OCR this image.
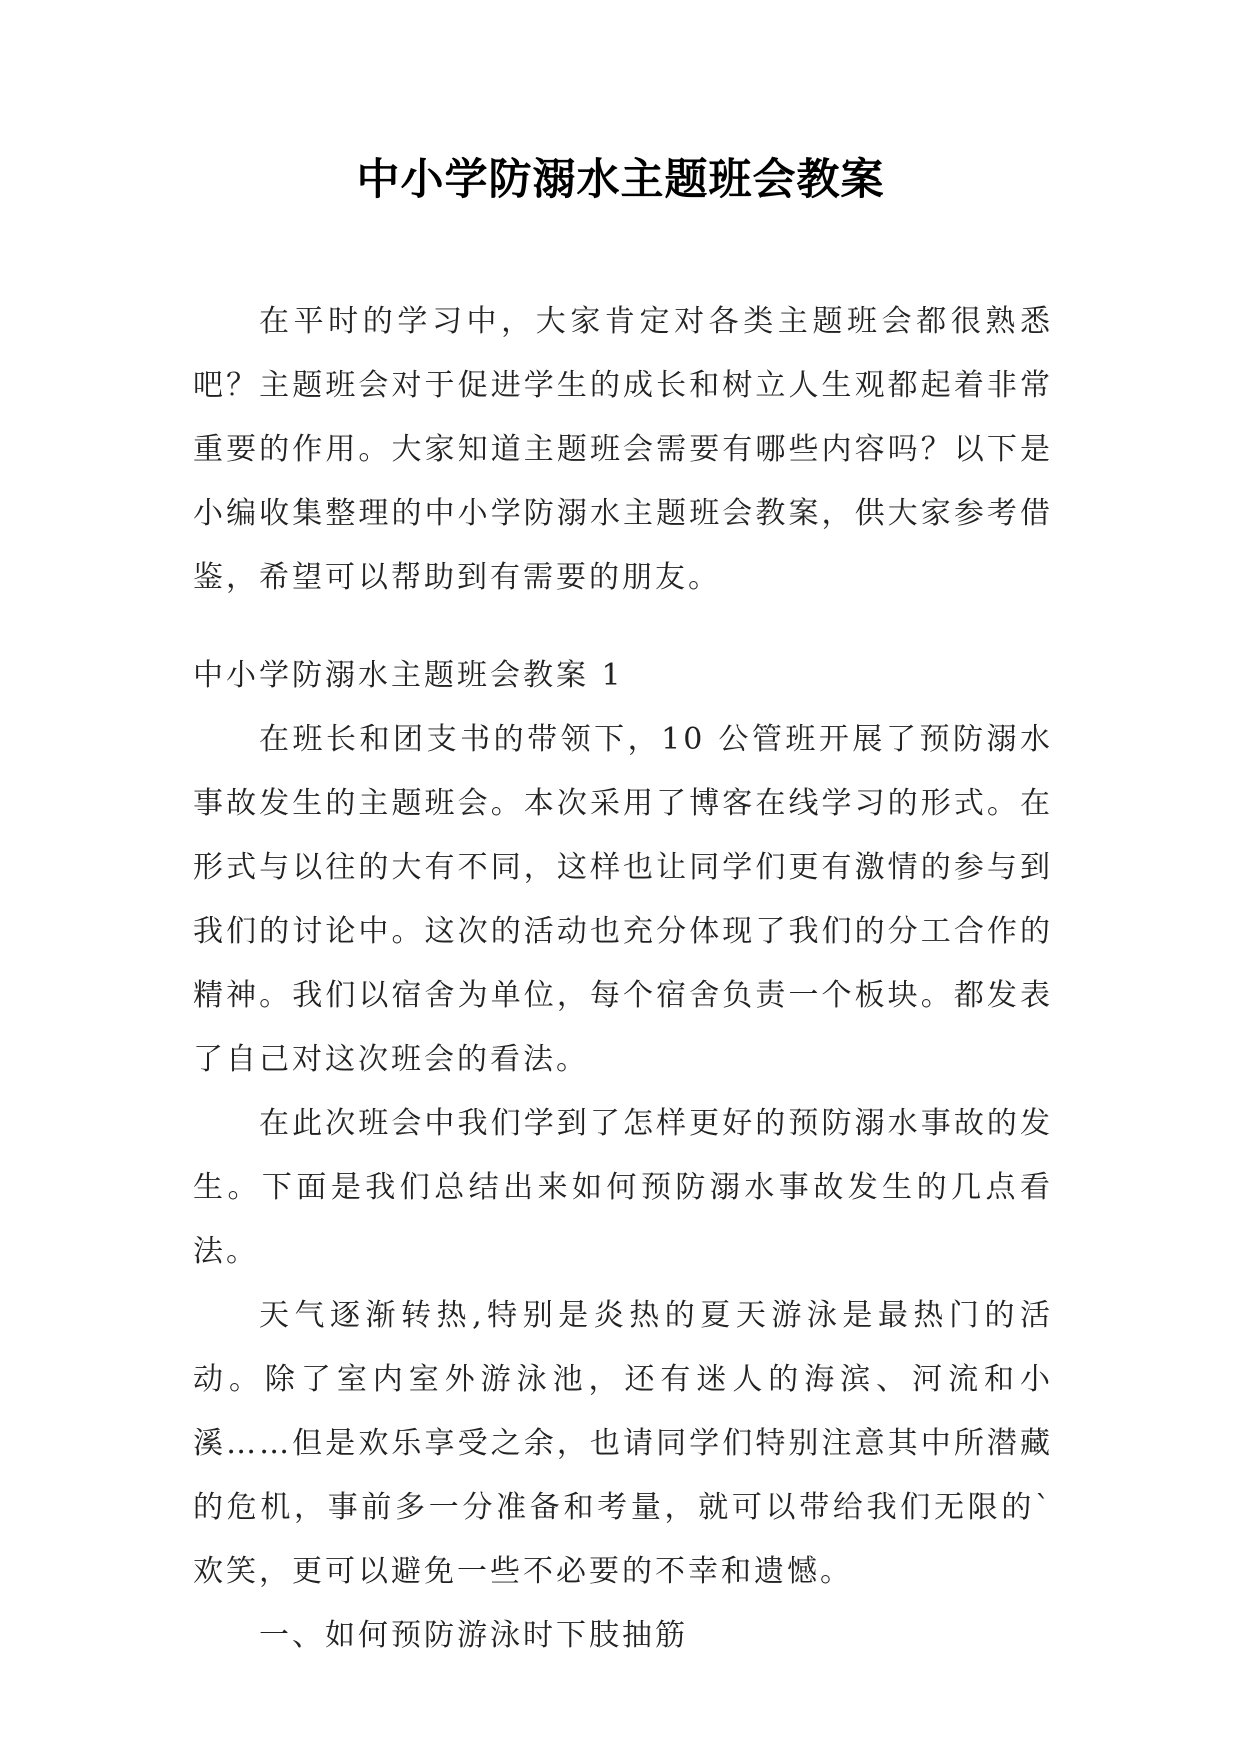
中小学防溺水主题班会教案

在平时的学习中，大家肯定对各类主题班会都很熟悉吧？主题班会对于促进学生的成长和树立人生观都起着非常重要的作用。大家知道主题班会需要有哪些内容吗？以下是小编收集整理的中小学防溺水主题班会教案，供大家参考借鉴，希望可以帮助到有需要的朋友。

中小学防溺水主题班会教案 1

在班长和团支书的带领下，10 公管班开展了预防溺水事故发生的主题班会。本次采用了博客在线学习的形式。在形式与以往的大有不同，这样也让同学们更有激情的参与到我们的讨论中。这次的活动也充分体现了我们的分工合作的精神。我们以宿舍为单位，每个宿舍负责一个板块。都发表了自己对这次班会的看法。

在此次班会中我们学到了怎样更好的预防溺水事故的发生。下面是我们总结出来如何预防溺水事故发生的几点看法。

天气逐渐转热,特别是炎热的夏天游泳是最热门的活动。除了室内室外游泳池，还有迷人的海滨、河流和小溪……但是欢乐享受之余，也请同学们特别注意其中所潜藏的危机，事前多一分准备和考量，就可以带给我们无限的`欢笑，更可以避免一些不必要的不幸和遗憾。

一、如何预防游泳时下肢抽筋
